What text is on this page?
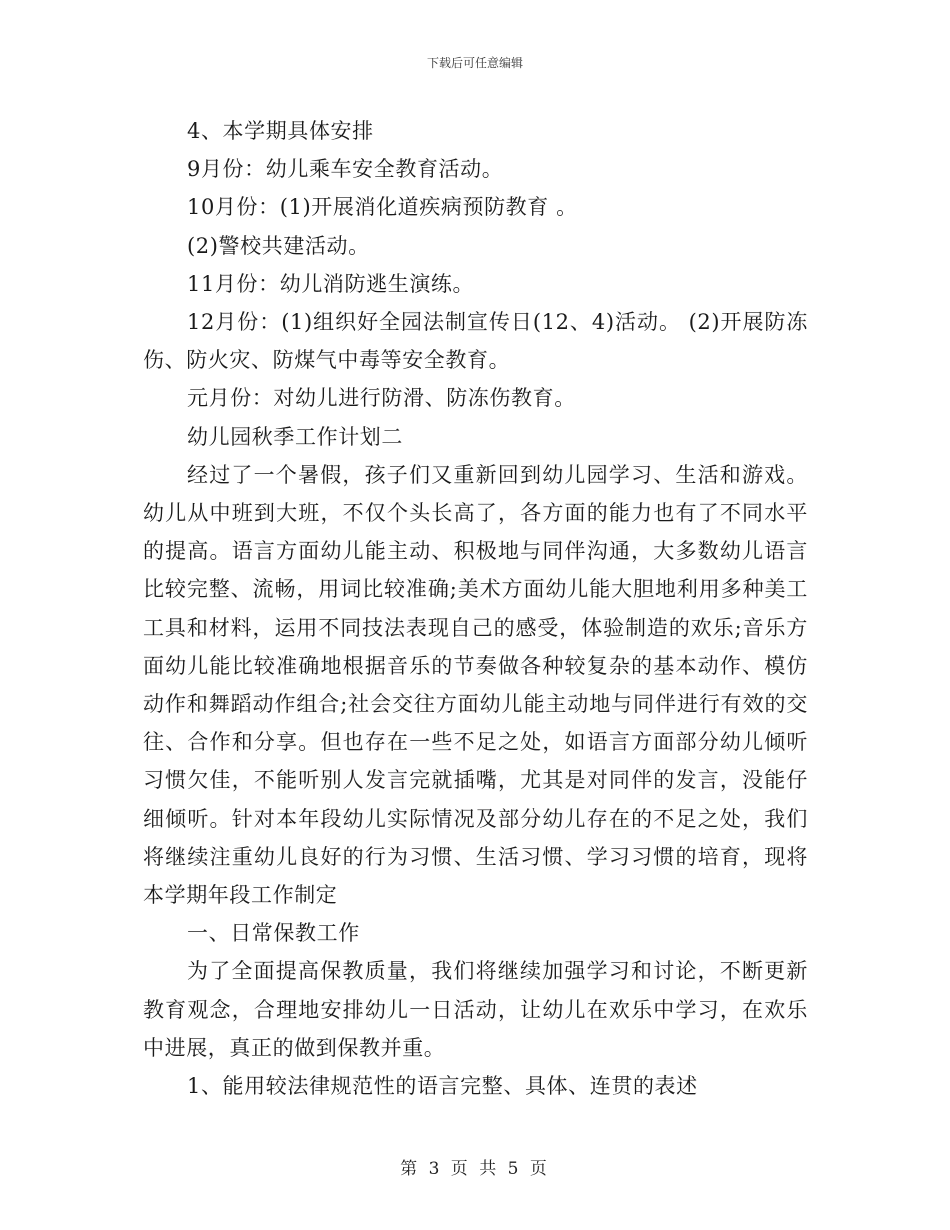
下载后可任意编辑
4、本学期具体安排
9月份：幼儿乘车安全教育活动。
10月份：(1)开展消化道疾病预防教育 。
(2)警校共建活动。
11月份：幼儿消防逃生演练。

12月份：(1)组织好全园法制宣传日(12、4)活动。 (2)开展防冻伤、防火灾、防煤气中毒等安全教育。

元月份：对幼儿进行防滑、防冻伤教育。
幼儿园秋季工作计划二

经过了一个暑假，孩子们又重新回到幼儿园学习、生活和游戏。幼儿从中班到大班，不仅个头长高了，各方面的能力也有了不同水平的提高。语言方面幼儿能主动、积极地与同伴沟通，大多数幼儿语言比较完整、流畅，用词比较准确;美术方面幼儿能大胆地利用多种美工工具和材料，运用不同技法表现自己的感受，体验制造的欢乐;音乐方面幼儿能比较准确地根据音乐的节奏做各种较复杂的基本动作、模仿动作和舞蹈动作组合;社会交往方面幼儿能主动地与同伴进行有效的交往、合作和分享。但也存在一些不足之处，如语言方面部分幼儿倾听习惯欠佳，不能听别人发言完就插嘴，尤其是对同伴的发言，没能仔细倾听。针对本年段幼儿实际情况及部分幼儿存在的不足之处，我们将继续注重幼儿良好的行为习惯、生活习惯、学习习惯的培育，现将本学期年段工作制定

一、日常保教工作

为了全面提高保教质量，我们将继续加强学习和讨论，不断更新教育观念，合理地安排幼儿一日活动，让幼儿在欢乐中学习，在欢乐中进展，真正的做到保教并重。

1、能用较法律规范性的语言完整、具体、连贯的表述
第 3 页 共 5 页
